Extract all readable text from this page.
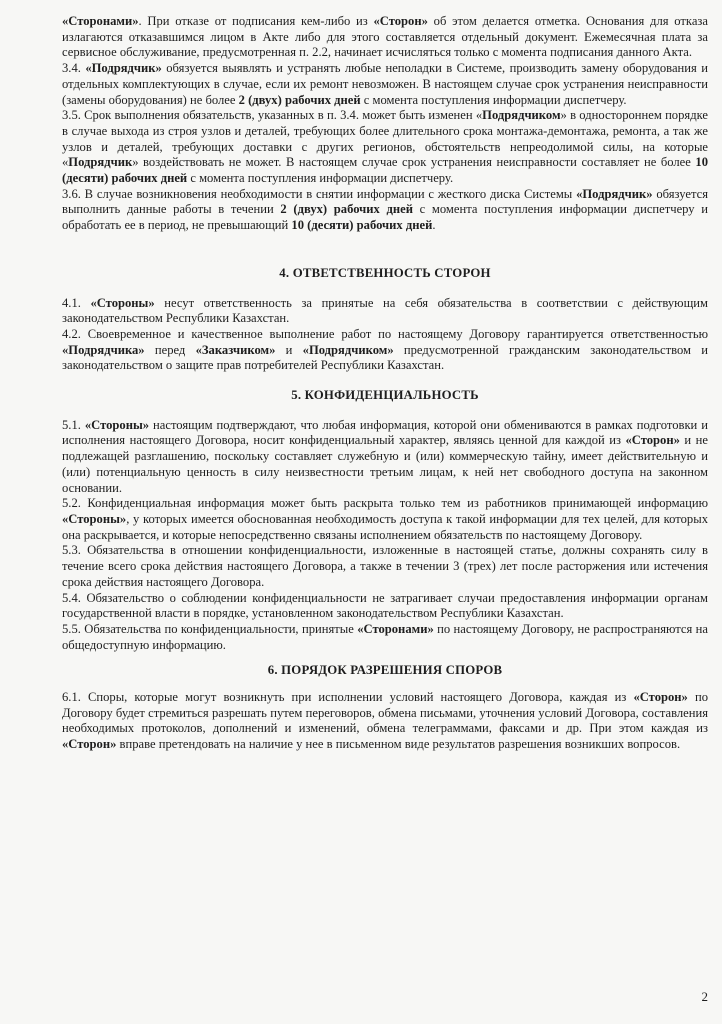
«Сторонами». При отказе от подписания кем-либо из «Сторон» об этом делается отметка. Основания для отказа излагаются отказавшимся лицом в Акте либо для этого составляется отдельный документ. Ежемесячная плата за сервисное обслуживание, предусмотренная п. 2.2, начинает исчисляться только с момента подписания данного Акта.

3.4. «Подрядчик» обязуется выявлять и устранять любые неполадки в Системе, производить замену оборудования и отдельных комплектующих в случае, если их ремонт невозможен. В настоящем случае срок устранения неисправности (замены оборудования) не более 2 (двух) рабочих дней с момента поступления информации диспетчеру.

3.5. Срок выполнения обязательств, указанных в п. 3.4. может быть изменен «Подрядчиком» в одностороннем порядке в случае выхода из строя узлов и деталей, требующих более длительного срока монтажа-демонтажа, ремонта, а так же узлов и деталей, требующих доставки с других регионов, обстоятельств непреодолимой силы, на которые «Подрядчик» воздействовать не может. В настоящем случае срок устранения неисправности составляет не более 10 (десяти) рабочих дней с момента поступления информации диспетчеру.

3.6. В случае возникновения необходимости в снятии информации с жесткого диска Системы «Подрядчик» обязуется выполнить данные работы в течении 2 (двух) рабочих дней с момента поступления информации диспетчеру и обработать ее в период, не превышающий 10 (десяти) рабочих дней.

4. ОТВЕТСТВЕННОСТЬ СТОРОН

4.1. «Стороны» несут ответственность за принятые на себя обязательства в соответствии с действующим законодательством Республики Казахстан.

4.2. Своевременное и качественное выполнение работ по настоящему Договору гарантируется ответственностью «Подрядчика» перед «Заказчиком» и «Подрядчиком» предусмотренной гражданским законодательством и законодательством о защите прав потребителей Республики Казахстан.

5. КОНФИДЕНЦИАЛЬНОСТЬ

5.1. «Стороны» настоящим подтверждают, что любая информация, которой они обмениваются в рамках подготовки и исполнения настоящего Договора, носит конфиденциальный характер, являясь ценной для каждой из «Сторон» и не подлежащей разглашению, поскольку составляет служебную и (или) коммерческую тайну, имеет действительную и (или) потенциальную ценность в силу неизвестности третьим лицам, к ней нет свободного доступа на законном основании.

5.2. Конфиденциальная информация может быть раскрыта только тем из работников принимающей информацию «Стороны», у которых имеется обоснованная необходимость доступа к такой информации для тех целей, для которых она раскрывается, и которые непосредственно связаны исполнением обязательств по настоящему Договору.

5.3. Обязательства в отношении конфиденциальности, изложенные в настоящей статье, должны сохранять силу в течение всего срока действия настоящего Договора, а также в течении 3 (трех) лет после расторжения или истечения срока действия настоящего Договора.

5.4. Обязательство о соблюдении конфиденциальности не затрагивает случаи предоставления информации органам государственной власти в порядке, установленном законодательством Республики Казахстан.

5.5. Обязательства по конфиденциальности, принятые «Сторонами» по настоящему Договору, не распространяются на общедоступную информацию.

6. ПОРЯДОК РАЗРЕШЕНИЯ СПОРОВ

6.1. Споры, которые могут возникнуть при исполнении условий настоящего Договора, каждая из «Сторон» по Договору будет стремиться разрешать путем переговоров, обмена письмами, уточнения условий Договора, составления необходимых протоколов, дополнений и изменений, обмена телеграммами, факсами и др. При этом каждая из «Сторон» вправе претендовать на наличие у нее в письменном виде результатов разрешения возникших вопросов.

2
